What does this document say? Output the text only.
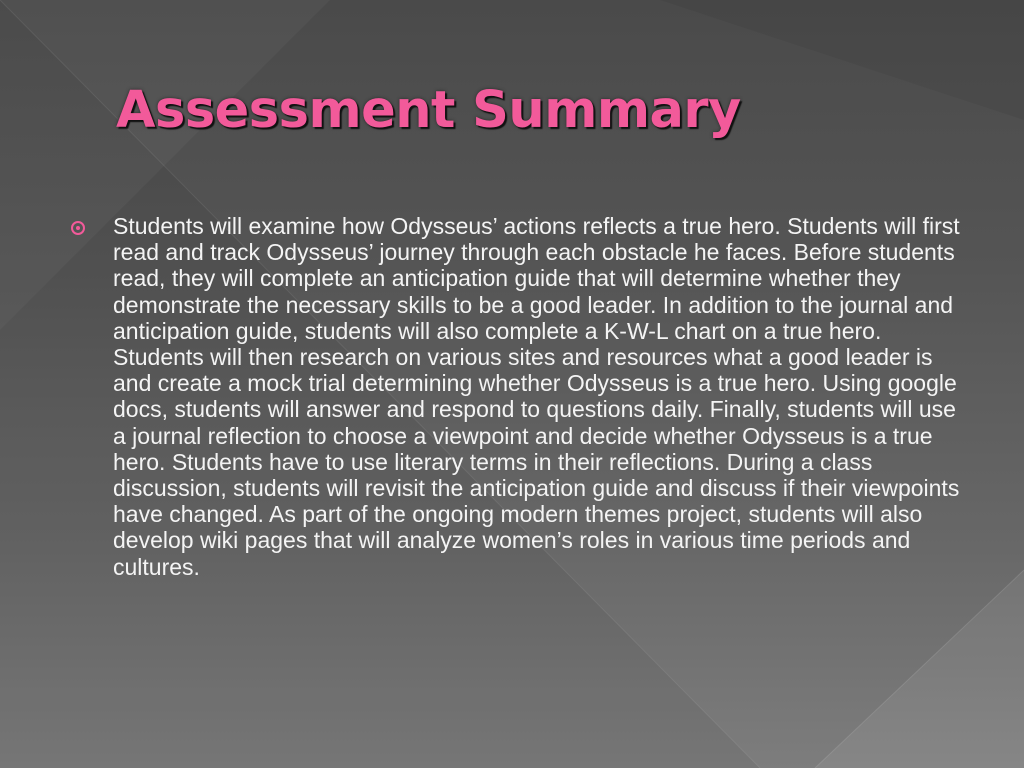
Assessment Summary

Students will examine how Odysseus’ actions reflects a true hero. Students will first read and track Odysseus’ journey through each obstacle he faces. Before students read, they will complete an anticipation guide that will determine whether they demonstrate the necessary skills to be a good leader. In addition to the journal and anticipation guide, students will also complete a K-W-L chart on a true hero. Students will then research on various sites and resources what a good leader is and create a mock trial determining whether Odysseus is a true hero. Using google docs, students will answer and respond to questions daily. Finally, students will use a journal reflection to choose a viewpoint and decide whether Odysseus is a true hero. Students have to use literary terms in their reflections. During a class discussion, students will revisit the anticipation guide and discuss if their viewpoints have changed. As part of the ongoing modern themes project, students will also develop wiki pages that will analyze women’s roles in various time periods and cultures.
